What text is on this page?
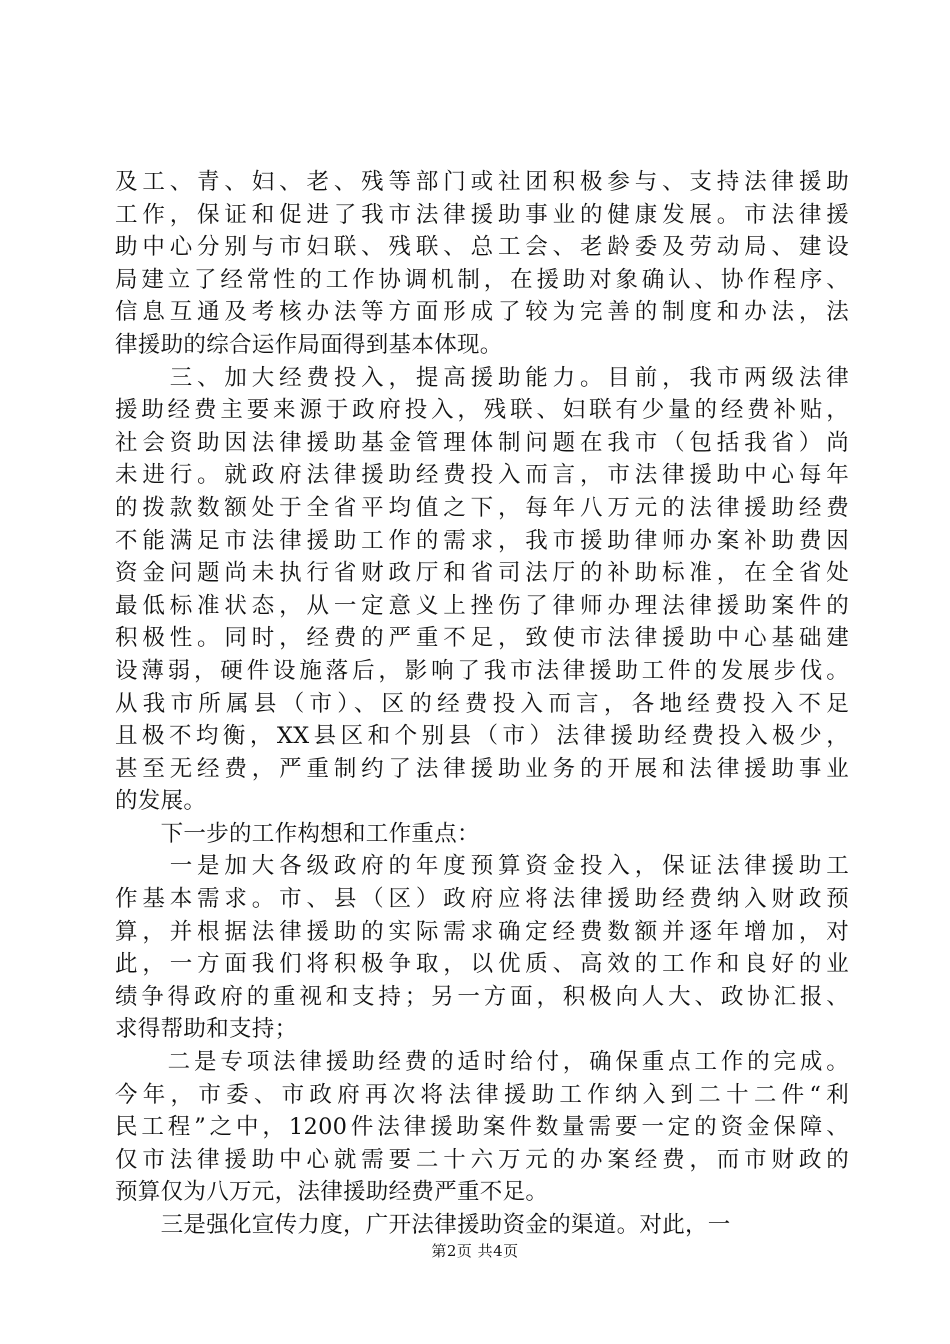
及工、青、妇、老、残等部门或社团积极参与、支持法律援助
工作，保证和促进了我市法律援助事业的健康发展。市法律援
助中心分别与市妇联、残联、总工会、老龄委及劳动局、建设
局建立了经常性的工作协调机制，在援助对象确认、协作程序、
信息互通及考核办法等方面形成了较为完善的制度和办法，法
律援助的综合运作局面得到基本体现。
　　三、加大经费投入，提高援助能力。目前，我市两级法律
援助经费主要来源于政府投入，残联、妇联有少量的经费补贴，
社会资助因法律援助基金管理体制问题在我市（包括我省）尚
未进行。就政府法律援助经费投入而言，市法律援助中心每年
的拨款数额处于全省平均值之下，每年八万元的法律援助经费
不能满足市法律援助工作的需求，我市援助律师办案补助费因
资金问题尚未执行省财政厅和省司法厅的补助标准，在全省处
最低标准状态，从一定意义上挫伤了律师办理法律援助案件的
积极性。同时，经费的严重不足，致使市法律援助中心基础建
设薄弱，硬件设施落后，影响了我市法律援助工件的发展步伐。
从我市所属县（市）、区的经费投入而言，各地经费投入不足
且极不均衡，XX县区和个别县（市）法律援助经费投入极少，
甚至无经费，严重制约了法律援助业务的开展和法律援助事业
的发展。
　　下一步的工作构想和工作重点：
　　一是加大各级政府的年度预算资金投入，保证法律援助工
作基本需求。市、县（区）政府应将法律援助经费纳入财政预
算，并根据法律援助的实际需求确定经费数额并逐年增加，对
此，一方面我们将积极争取，以优质、高效的工作和良好的业
绩争得政府的重视和支持；另一方面，积极向人大、政协汇报、
求得帮助和支持；
　　二是专项法律援助经费的适时给付，确保重点工作的完成。
今年，市委、市政府再次将法律援助工作纳入到二十二件“利
民工程”之中，1200件法律援助案件数量需要一定的资金保障、
仅市法律援助中心就需要二十六万元的办案经费，而市财政的
预算仅为八万元，法律援助经费严重不足。
　　三是强化宣传力度，广开法律援助资金的渠道。对此，一
第2页 共4页
